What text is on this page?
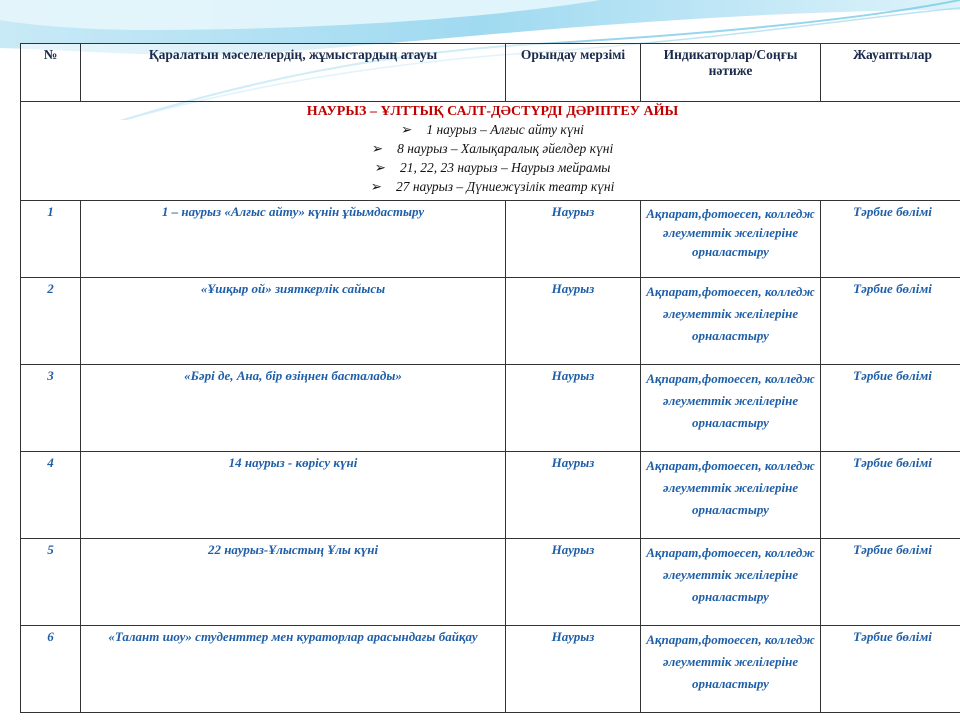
№	Қаралатын мәселелердің, жұмыстардың атауы	Орындау мерзімі	Индикаторлар/Соңғы нәтиже	Жауаптылар

НАУРЫЗ – ҰЛТТЫҚ САЛТ-ДӘСТҮРДІ ДӘРІПТЕУ АЙЫ
➢ 1 наурыз – Алғыс айту күні
➢ 8 наурыз – Халықаралық әйелдер күні
➢ 21, 22, 23 наурыз – Наурыз мейрамы
➢ 27 наурыз – Дүниежүзілік театр күні				

1	1 – наурыз «Алғыс айту» күнін ұйымдастыру	Наурыз	Ақпарат,фотоесеп, колледж әлеуметтік желілеріне орналастыру	Тәрбие бөлімі
2	«Ұшқыр ой» зияткерлік сайысы	Наурыз	Ақпарат,фотоесеп, колледж әлеуметтік желілеріне орналастыру	Тәрбие бөлімі
3	«Бәрі де, Ана, бір өзіңнен басталады»	Наурыз	Ақпарат,фотоесеп, колледж әлеуметтік желілеріне орналастыру	Тәрбие бөлімі
4	14 наурыз - көрісу күні	Наурыз	Ақпарат,фотоесеп, колледж әлеуметтік желілеріне орналастыру	Тәрбие бөлімі
5	22 наурыз-Ұлыстың Ұлы күні	Наурыз	Ақпарат,фотоесеп, колледж әлеуметтік желілеріне орналастыру	Тәрбие бөлімі
6	«Талант шоу» студенттер мен кураторлар арасындағы байқау	Наурыз	Ақпарат,фотоесеп, колледж әлеуметтік желілеріне орналастыру	Тәрбие бөлімі
